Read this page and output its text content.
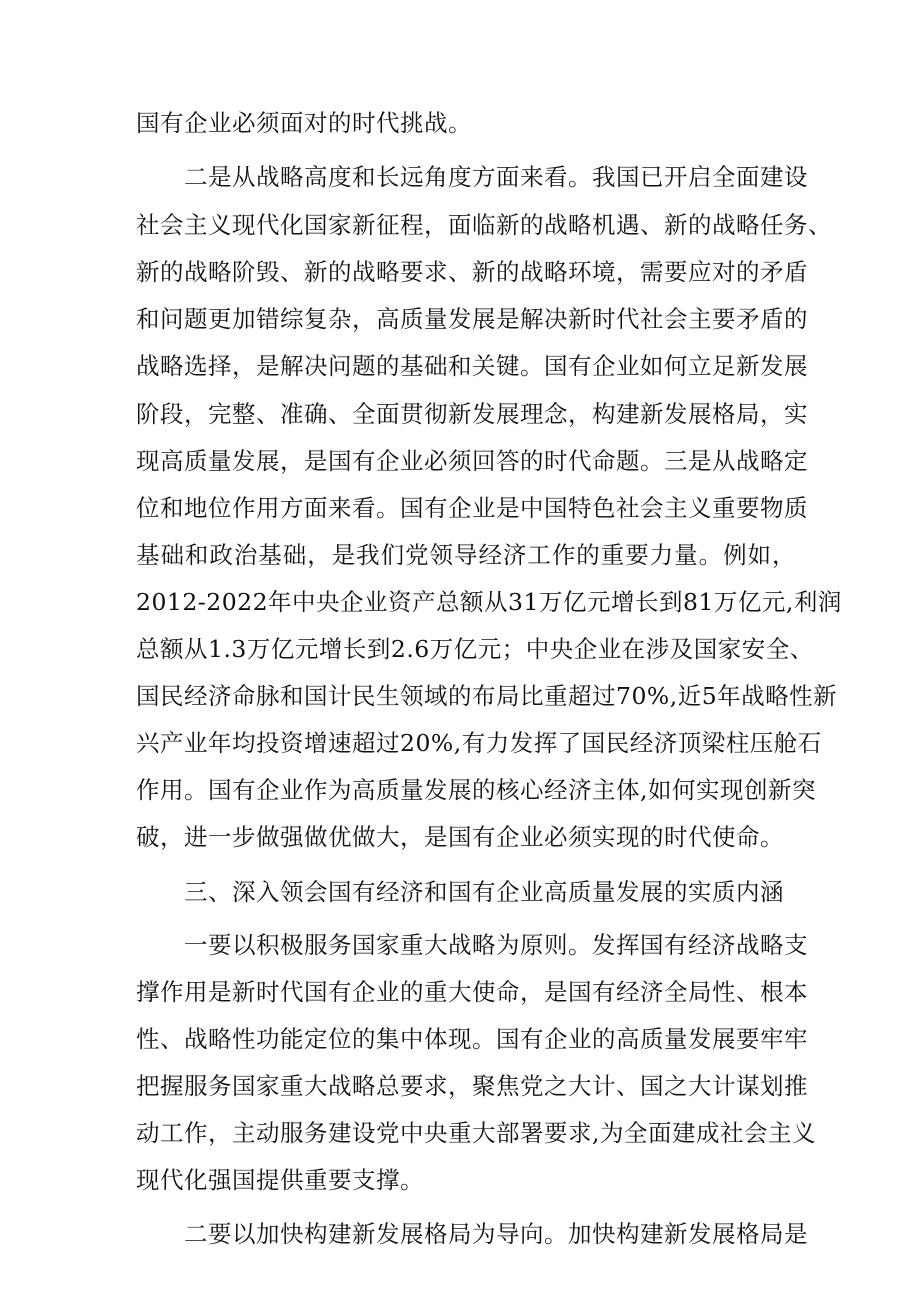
国有企业必须面对的时代挑战。
二是从战略高度和长远角度方面来看。我国已开启全面建设
社会主义现代化国家新征程，面临新的战略机遇、新的战略任务、
新的战略阶毁、新的战略要求、新的战略环境，需要应对的矛盾
和问题更加错综复杂，高质量发展是解决新时代社会主要矛盾的
战略选择，是解决问题的基础和关键。国有企业如何立足新发展
阶段，完整、准确、全面贯彻新发展理念，构建新发展格局，实
现高质量发展，是国有企业必须回答的时代命题。三是从战略定
位和地位作用方面来看。国有企业是中国特色社会主义重要物质
基础和政治基础，是我们党领导经济工作的重要力量。例如，
2012-2022年中央企业资产总额从31万亿元增长到81万亿元,利润
总额从1.3万亿元增长到2.6万亿元；中央企业在涉及国家安全、
国民经济命脉和国计民生领域的布局比重超过70%,近5年战略性新
兴产业年均投资增速超过20%,有力发挥了国民经济顶梁柱压舱石
作用。国有企业作为高质量发展的核心经济主体,如何实现创新突
破，进一步做强做优做大，是国有企业必须实现的时代使命。
三、深入领会国有经济和国有企业高质量发展的实质内涵
一要以积极服务国家重大战略为原则。发挥国有经济战略支
撑作用是新时代国有企业的重大使命，是国有经济全局性、根本
性、战略性功能定位的集中体现。国有企业的高质量发展要牢牢
把握服务国家重大战略总要求，聚焦党之大计、国之大计谋划推
动工作，主动服务建设党中央重大部署要求,为全面建成社会主义
现代化强国提供重要支撑。
二要以加快构建新发展格局为导向。加快构建新发展格局是
